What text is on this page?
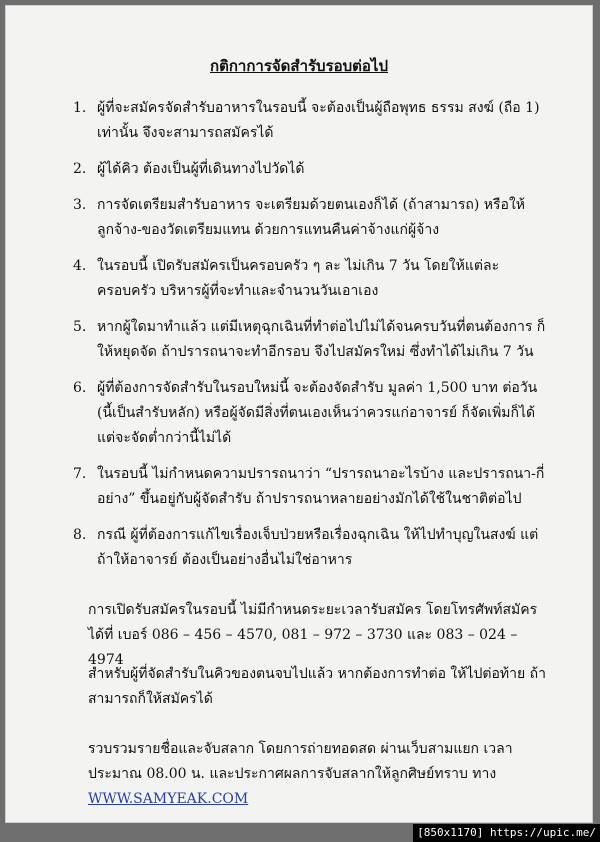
กติกาการจัดสำรับรอบต่อไป
1. ผู้ที่จะสมัครจัดสำรับอาหารในรอบนี้ จะต้องเป็นผู้ถือพุทธ ธรรม สงฆ์ (ถือ 1) เท่านั้น จึงจะสามารถสมัครได้
2. ผู้ได้คิว ต้องเป็นผู้ที่เดินทางไปวัดได้
3. การจัดเตรียมสำรับอาหาร จะเตรียมด้วยตนเองก็ได้ (ถ้าสามารถ) หรือให้ลูกจ้าง-ของวัดเตรียมแทน ด้วยการแทนคืนค่าจ้างแก่ผู้จ้าง
4. ในรอบนี้ เปิดรับสมัครเป็นครอบครัว ๆ ละ ไม่เกิน 7 วัน โดยให้แต่ละครอบครัว บริหารผู้ที่จะทำและจำนวนวันเอาเอง
5. หากผู้ใดมาทำแล้ว แต่มีเหตุฉุกเฉินที่ทำต่อไปไม่ได้จนครบวันที่ตนต้องการ ก็ให้หยุดจัด ถ้าปรารถนาจะทำอีกรอบ จึงไปสมัครใหม่ ซึ่งทำได้ไม่เกิน 7 วัน
6. ผู้ที่ต้องการจัดสำรับในรอบใหม่นี้ จะต้องจัดสำรับ มูลค่า 1,500 บาท ต่อวัน (นี้เป็นสำรับหลัก) หรือผู้จัดมีสิ่งที่ตนเองเห็นว่าควรแก่อาจารย์ ก็จัดเพิ่มก็ได้ แต่จะจัดต่ำกว่านี้ไม่ได้
7. ในรอบนี้ ไม่กำหนดความปรารถนาว่า “ปรารถนาอะไรบ้าง และปรารถนา-กี่อย่าง” ขึ้นอยู่กับผู้จัดสำรับ ถ้าปรารถนาหลายอย่างมักได้ใช้ในชาติต่อไป
8. กรณี ผู้ที่ต้องการแก้ไขเรื่องเจ็บป่วยหรือเรื่องฉุกเฉิน ให้ไปทำบุญในสงฆ์ แต่ถ้าให้อาจารย์ ต้องเป็นอย่างอื่นไม่ใช่อาหาร
การเปิดรับสมัครในรอบนี้ ไม่มีกำหนดระยะเวลารับสมัคร โดยโทรศัพท์สมัคร ได้ที่ เบอร์ 086 – 456 – 4570, 081 – 972 – 3730 และ 083 – 024 – 4974
สำหรับผู้ที่จัดสำรับในคิวของตนจบไปแล้ว หากต้องการทำต่อ ให้ไปต่อท้าย ถ้าสามารถก็ให้สมัครได้
รวบรวมรายชื่อและจับสลาก โดยการถ่ายทอดสด ผ่านเว็บสามแยก เวลาประมาณ 08.00 น. และประกาศผลการจับสลากให้ลูกศิษย์ทราบ ทาง WWW.SAMYEAK.COM
[850x1170] https://upic.me/
